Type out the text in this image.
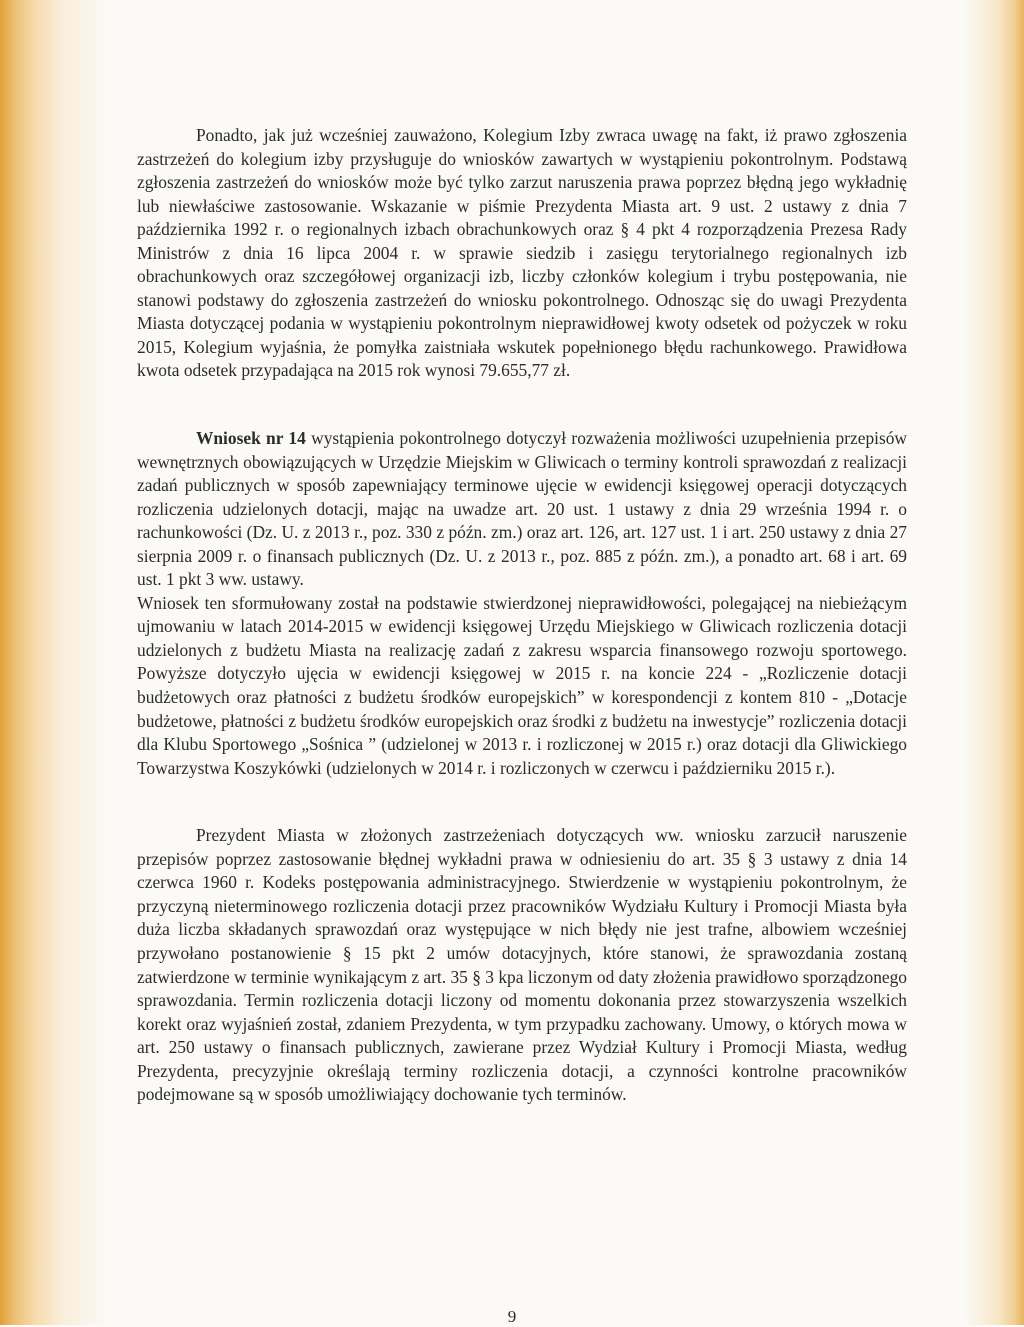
Ponadto, jak już wcześniej zauważono, Kolegium Izby zwraca uwagę na fakt, iż prawo zgłoszenia zastrzeżeń do kolegium izby przysługuje do wniosków zawartych w wystąpieniu pokontrolnym. Podstawą zgłoszenia zastrzeżeń do wniosków może być tylko zarzut naruszenia prawa poprzez błędną jego wykładnię lub niewłaściwe zastosowanie. Wskazanie w piśmie Prezydenta Miasta art. 9 ust. 2 ustawy z dnia 7 października 1992 r. o regionalnych izbach obrachunkowych oraz § 4 pkt 4 rozporządzenia Prezesa Rady Ministrów z dnia 16 lipca 2004 r. w sprawie siedzib i zasięgu terytorialnego regionalnych izb obrachunkowych oraz szczegółowej organizacji izb, liczby członków kolegium i trybu postępowania, nie stanowi podstawy do zgłoszenia zastrzeżeń do wniosku pokontrolnego. Odnosząc się do uwagi Prezydenta Miasta dotyczącej podania w wystąpieniu pokontrolnym nieprawidłowej kwoty odsetek od pożyczek w roku 2015, Kolegium wyjaśnia, że pomyłka zaistniała wskutek popełnionego błędu rachunkowego. Prawidłowa kwota odsetek przypadająca na 2015 rok wynosi 79.655,77 zł.

Wniosek nr 14 wystąpienia pokontrolnego dotyczył rozważenia możliwości uzupełnienia przepisów wewnętrznych obowiązujących w Urzędzie Miejskim w Gliwicach o terminy kontroli sprawozdań z realizacji zadań publicznych w sposób zapewniający terminowe ujęcie w ewidencji księgowej operacji dotyczących rozliczenia udzielonych dotacji, mając na uwadze art. 20 ust. 1 ustawy z dnia 29 września 1994 r. o rachunkowości (Dz. U. z 2013 r., poz. 330 z późn. zm.) oraz art. 126, art. 127 ust. 1 i art. 250 ustawy z dnia 27 sierpnia 2009 r. o finansach publicznych (Dz. U. z 2013 r., poz. 885 z późn. zm.), a ponadto art. 68 i art. 69 ust. 1 pkt 3 ww. ustawy.

Wniosek ten sformułowany został na podstawie stwierdzonej nieprawidłowości, polegającej na niebieżącym ujmowaniu w latach 2014-2015 w ewidencji księgowej Urzędu Miejskiego w Gliwicach rozliczenia dotacji udzielonych z budżetu Miasta na realizację zadań z zakresu wsparcia finansowego rozwoju sportowego. Powyższe dotyczyło ujęcia w ewidencji księgowej w 2015 r. na koncie 224 - „Rozliczenie dotacji budżetowych oraz płatności z budżetu środków europejskich” w korespondencji z kontem 810 - „Dotacje budżetowe, płatności z budżetu środków europejskich oraz środki z budżetu na inwestycje” rozliczenia dotacji dla Klubu Sportowego „Sośnica ” (udzielonej w 2013 r. i rozliczonej w 2015 r.) oraz dotacji dla Gliwickiego Towarzystwa Koszykówki (udzielonych w 2014 r. i rozliczonych w czerwcu i październiku 2015 r.).

Prezydent Miasta w złożonych zastrzeżeniach dotyczących ww. wniosku zarzucił naruszenie przepisów poprzez zastosowanie błędnej wykładni prawa w odniesieniu do art. 35 § 3 ustawy z dnia 14 czerwca 1960 r. Kodeks postępowania administracyjnego. Stwierdzenie w wystąpieniu pokontrolnym, że przyczyną nieterminowego rozliczenia dotacji przez pracowników Wydziału Kultury i Promocji Miasta była duża liczba składanych sprawozdań oraz występujące w nich błędy nie jest trafne, albowiem wcześniej przywołano postanowienie § 15 pkt 2 umów dotacyjnych, które stanowi, że sprawozdania zostaną zatwierdzone w terminie wynikającym z art. 35 § 3 kpa liczonym od daty złożenia prawidłowo sporządzonego sprawozdania. Termin rozliczenia dotacji liczony od momentu dokonania przez stowarzyszenia wszelkich korekt oraz wyjaśnień został, zdaniem Prezydenta, w tym przypadku zachowany. Umowy, o których mowa w art. 250 ustawy o finansach publicznych, zawierane przez Wydział Kultury i Promocji Miasta, według Prezydenta, precyzyjnie określają terminy rozliczenia dotacji, a czynności kontrolne pracowników podejmowane są w sposób umożliwiający dochowanie tych terminów.

9
